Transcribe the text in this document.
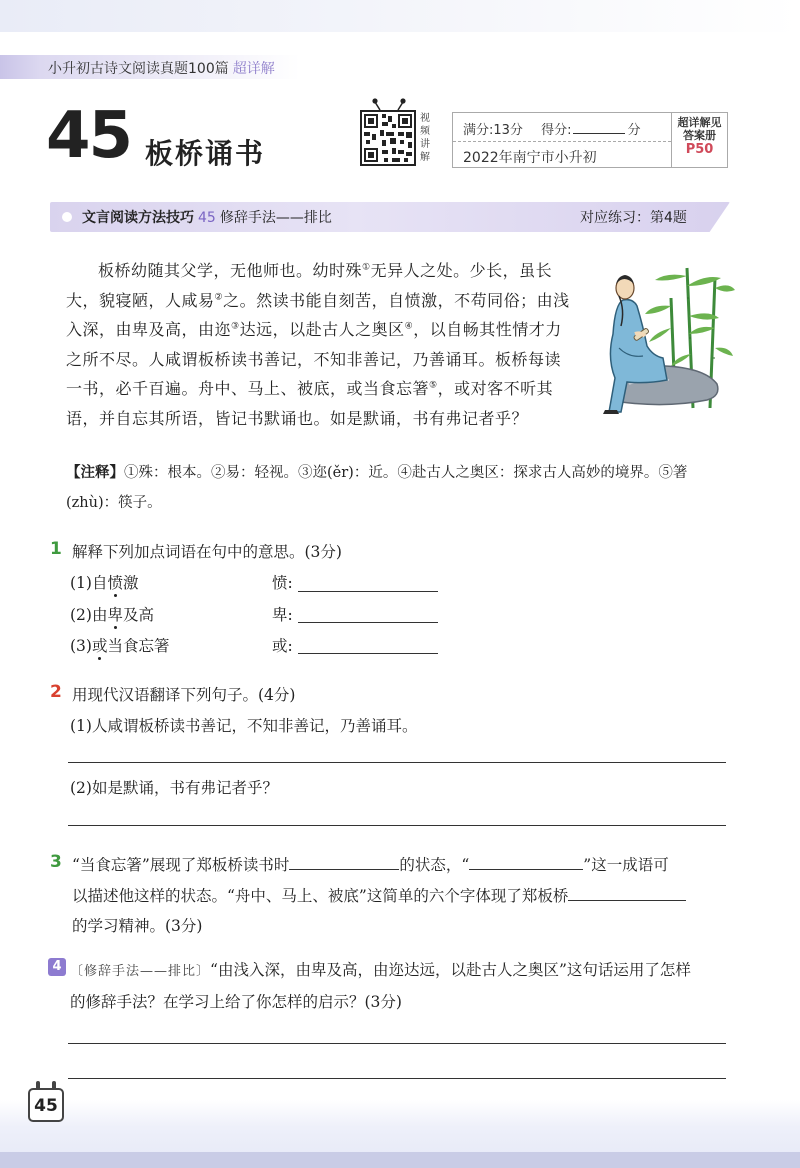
小升初古诗文阅读真题100篇 超详解
45 板桥诵书
视频讲解
满分:13分 得分:	分
2022年南宁市小升初
超详解见
答案册
P50
文言阅读方法技巧 45 修辞手法——排比	对应练习：第4题

板桥幼随其父学，无他师也。幼时殊①无异人之处。少长，虽长大，貌寝陋，人咸易②之。然读书能自刻苦，自愤激，不苟同俗；由浅入深，由卑及高，由迩③达远，以赴古人之奥区④，以自畅其性情才力之所不尽。人咸谓板桥读书善记，不知非善记，乃善诵耳。板桥每读一书，必千百遍。舟中、马上、被底，或当食忘箸⑤，或对客不听其语，并自忘其所语，皆记书默诵也。如是默诵，书有弗记者乎？

【注释】①殊：根本。②易：轻视。③迩(ěr)：近。④赴古人之奥区：探求古人高妙的境界。⑤箸(zhù)：筷子。
1 解释下列加点词语在句中的意思。(3分)
(1)自愤激	愤:
(2)由卑及高	卑:
(3)或当食忘箸	或:
2 用现代汉语翻译下列句子。(4分)
(1)人咸谓板桥读书善记，不知非善记，乃善诵耳。
(2)如是默诵，书有弗记者乎？
3 “当食忘箸”展现了郑板桥读书时	的状态，“	”这一成语可
以描述他这样的状态。“舟中、马上、被底”这简单的六个字体现了郑板桥
的学习精神。(3分)
4 〔修辞手法——排比〕“由浅入深，由卑及高，由迩达远，以赴古人之奥区”这句话运用了怎样
的修辞手法？在学习上给了你怎样的启示？(3分)
45
